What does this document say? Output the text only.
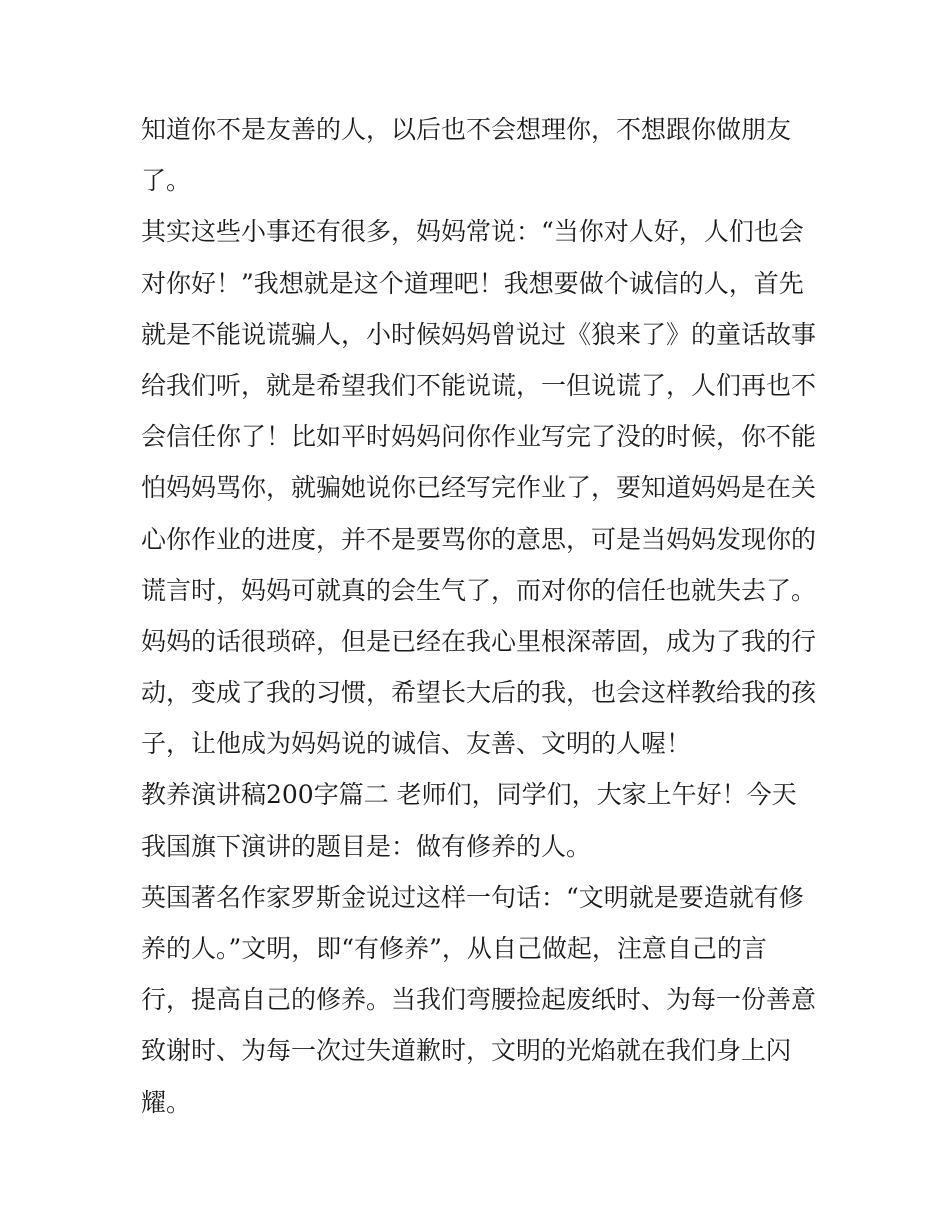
知道你不是友善的人，以后也不会想理你，不想跟你做朋友
了。
其实这些小事还有很多，妈妈常说：“当你对人好，人们也会
对你好！”我想就是这个道理吧！我想要做个诚信的人，首先
就是不能说谎骗人，小时候妈妈曾说过《狼来了》的童话故事
给我们听，就是希望我们不能说谎，一但说谎了，人们再也不
会信任你了！比如平时妈妈问你作业写完了没的时候，你不能
怕妈妈骂你，就骗她说你已经写完作业了，要知道妈妈是在关
心你作业的进度，并不是要骂你的意思，可是当妈妈发现你的
谎言时，妈妈可就真的会生气了，而对你的信任也就失去了。
妈妈的话很琐碎，但是已经在我心里根深蒂固，成为了我的行
动，变成了我的习惯，希望长大后的我，也会这样教给我的孩
子，让他成为妈妈说的诚信、友善、文明的人喔！
教养演讲稿200字篇二 老师们，同学们，大家上午好！今天
我国旗下演讲的题目是：做有修养的人。
英国著名作家罗斯金说过这样一句话：“文明就是要造就有修
养的人。”文明，即“有修养”，从自己做起，注意自己的言
行，提高自己的修养。当我们弯腰捡起废纸时、为每一份善意
致谢时、为每一次过失道歉时，文明的光焰就在我们身上闪
耀。
